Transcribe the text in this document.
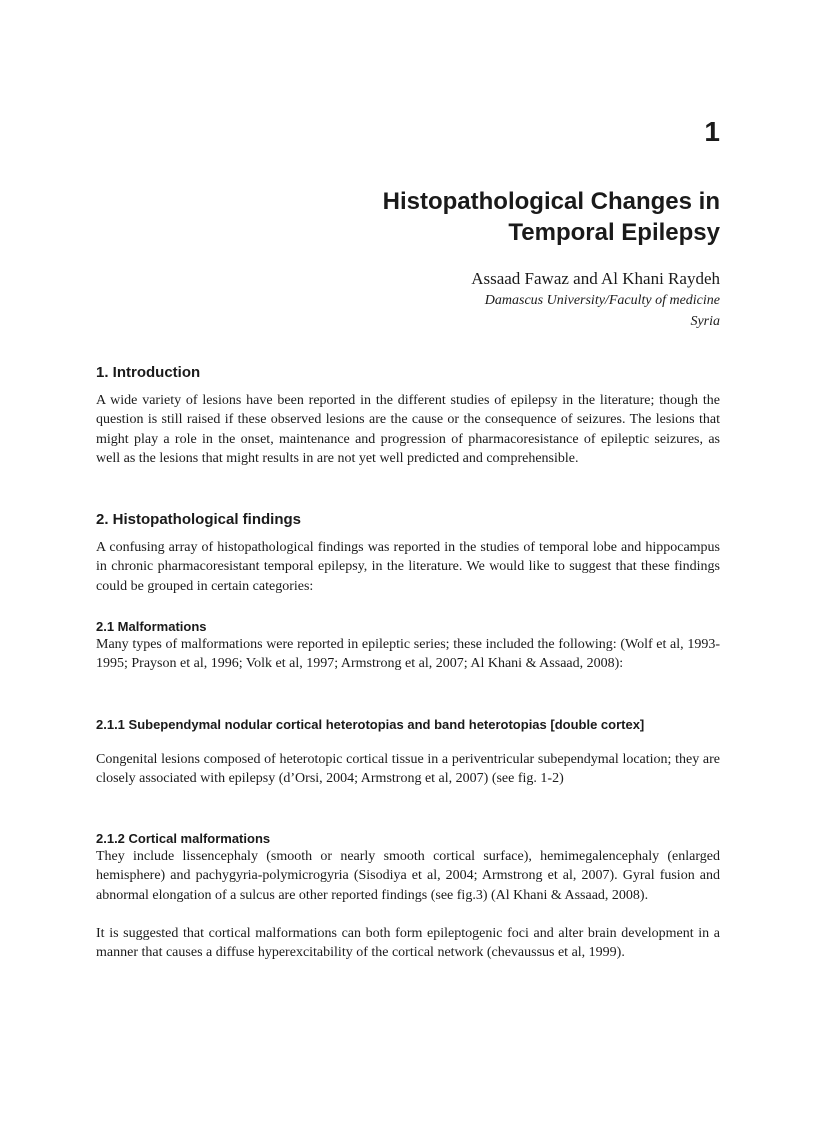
1
Histopathological Changes in
Temporal Epilepsy
Assaad Fawaz and Al Khani Raydeh
Damascus University/Faculty of medicine
Syria
1. Introduction
A wide variety of lesions have been reported in the different studies of epilepsy in the literature; though the question is still raised if these observed lesions are the cause or the consequence of seizures. The lesions that might play a role in the onset, maintenance and progression of pharmacoresistance of epileptic seizures, as well as the lesions that might results in are not yet well predicted and comprehensible.
2. Histopathological findings
A confusing array of histopathological findings was reported in the studies of temporal lobe and hippocampus in chronic pharmacoresistant temporal epilepsy, in the literature. We would like to suggest that these findings could be grouped in certain categories:
2.1 Malformations
Many types of malformations were reported in epileptic series; these included the following: (Wolf et al, 1993-1995; Prayson et al, 1996; Volk et al, 1997; Armstrong et al, 2007; Al Khani & Assaad, 2008):
2.1.1 Subependymal nodular cortical heterotopias and band heterotopias [double cortex]
Congenital lesions composed of heterotopic cortical tissue in a periventricular subependymal location; they are closely associated with epilepsy (d’Orsi, 2004; Armstrong et al, 2007) (see fig. 1-2)
2.1.2 Cortical malformations
They include lissencephaly (smooth or nearly smooth cortical surface), hemimegalencephaly (enlarged hemisphere) and pachygyria-polymicrogyria (Sisodiya et al, 2004; Armstrong et al, 2007). Gyral fusion and abnormal elongation of a sulcus are other reported findings (see fig.3) (Al Khani & Assaad, 2008).
It is suggested that cortical malformations can both form epileptogenic foci and alter brain development in a manner that causes a diffuse hyperexcitability of the cortical network (chevaussus et al, 1999).
